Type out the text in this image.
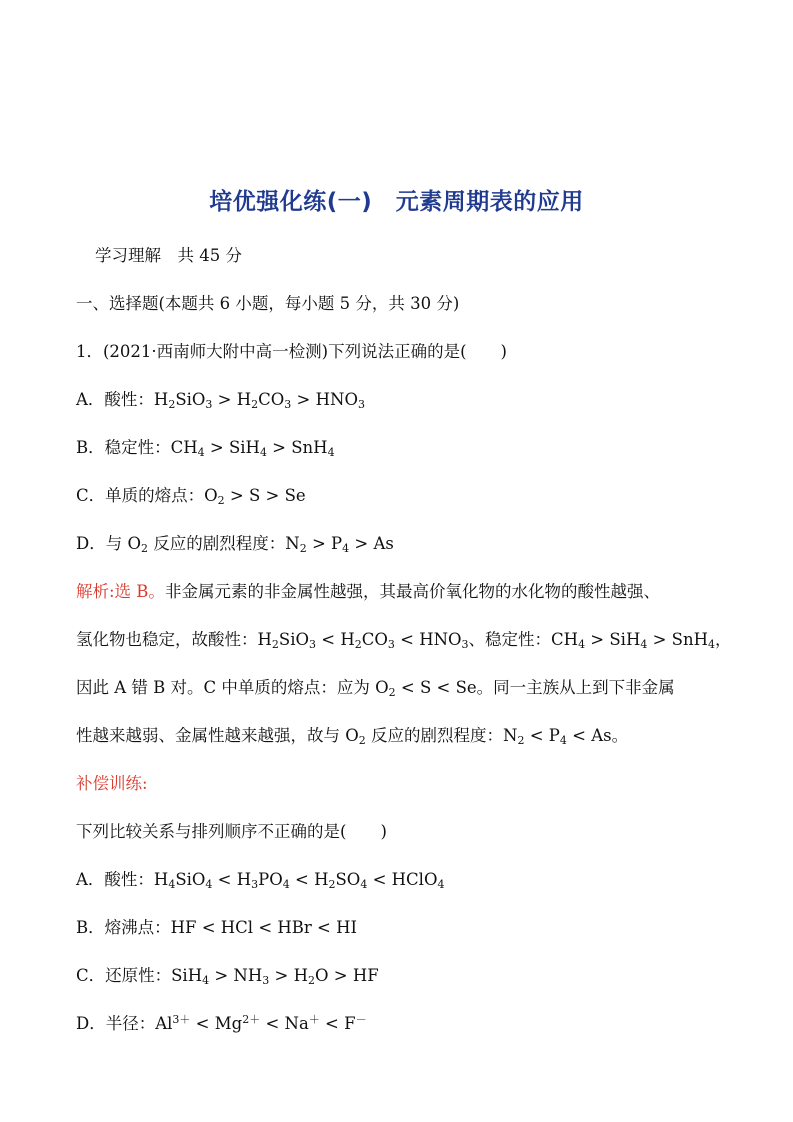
培优强化练(一)　元素周期表的应用
学习理解　共 45 分
一、选择题(本题共 6 小题，每小题 5 分，共 30 分)
1．(2021·西南师大附中高一检测)下列说法正确的是( )
A．酸性：$H_2SiO_3 > H_2CO_3 > HNO_3$
B．稳定性：$CH_4 > SiH_4 > SnH_4$
C．单质的熔点：$O_2 > S > Se$
D．与 $O_2$ 反应的剧烈程度：$N_2 > P_4 > As$
解析:选 B。非金属元素的非金属性越强，其最高价氧化物的水化物的酸性越强、
氢化物也稳定，故酸性：$H_2SiO_3 < H_2CO_3 < HNO_3$、稳定性：$CH_4 > SiH_4 > SnH_4$，
因此 A 错 B 对。C 中单质的熔点：应为 $O_2 < S < Se$。同一主族从上到下非金属
性越来越弱、金属性越来越强，故与 $O_2$ 反应的剧烈程度：$N_2 < P_4 < As$。
补偿训练:
下列比较关系与排列顺序不正确的是( )
A．酸性：$H_4SiO_4 < H_3PO_4 < H_2SO_4$ < HClO$_4$
B．熔沸点：HF < HCl < HBr < HI
C．还原性：$SiH_4 > NH_3 > H_2O$ > HF
D．半径：$Al^{3+} < Mg^{2+} < Na^+ < F^-$
